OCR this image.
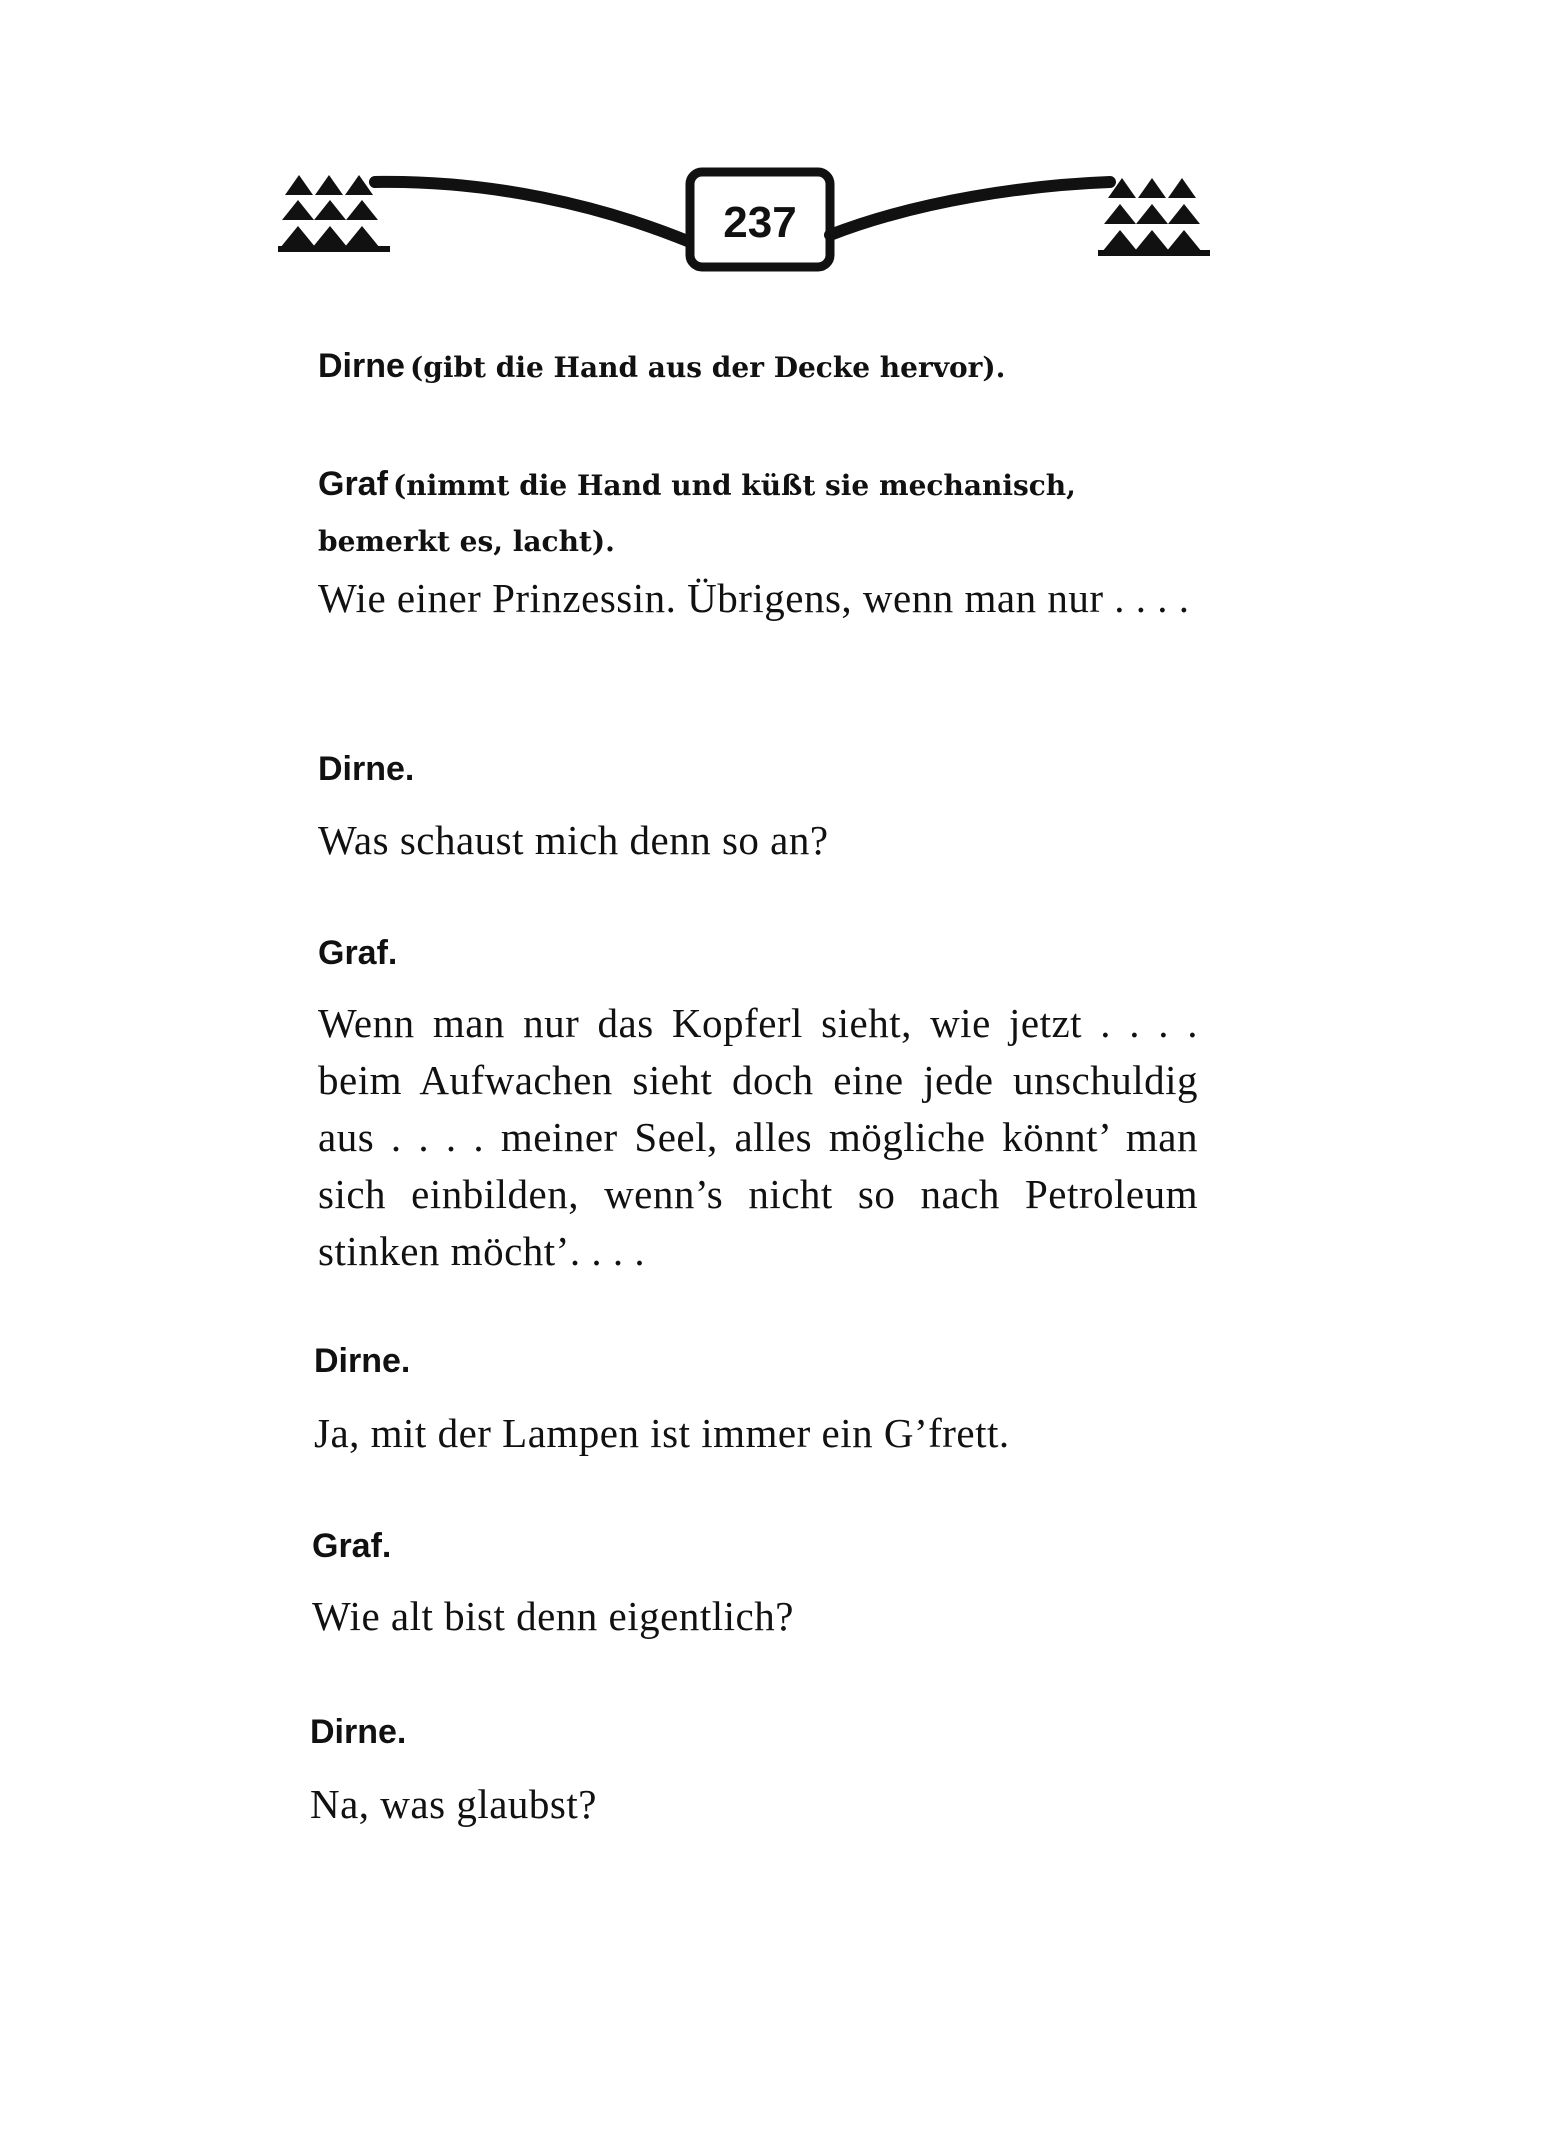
237
Dirne (gibt die Hand aus der Decke hervor).
Graf (nimmt die Hand und küßt sie mechanisch, bemerkt es, lacht).
Wie einer Prinzessin. Übrigens, wenn man nur . . . .
Dirne.
Was schaust mich denn so an?
Graf.
Wenn man nur das Kopferl sieht, wie jetzt . . . . beim Aufwachen sieht doch eine jede unschuldig aus . . . . meiner Seel, alles mögliche könnt’ man sich einbilden, wenn’s nicht so nach Petroleum stinken möcht’. . . .
Dirne.
Ja, mit der Lampen ist immer ein G’frett.
Graf.
Wie alt bist denn eigentlich?
Dirne.
Na, was glaubst?
